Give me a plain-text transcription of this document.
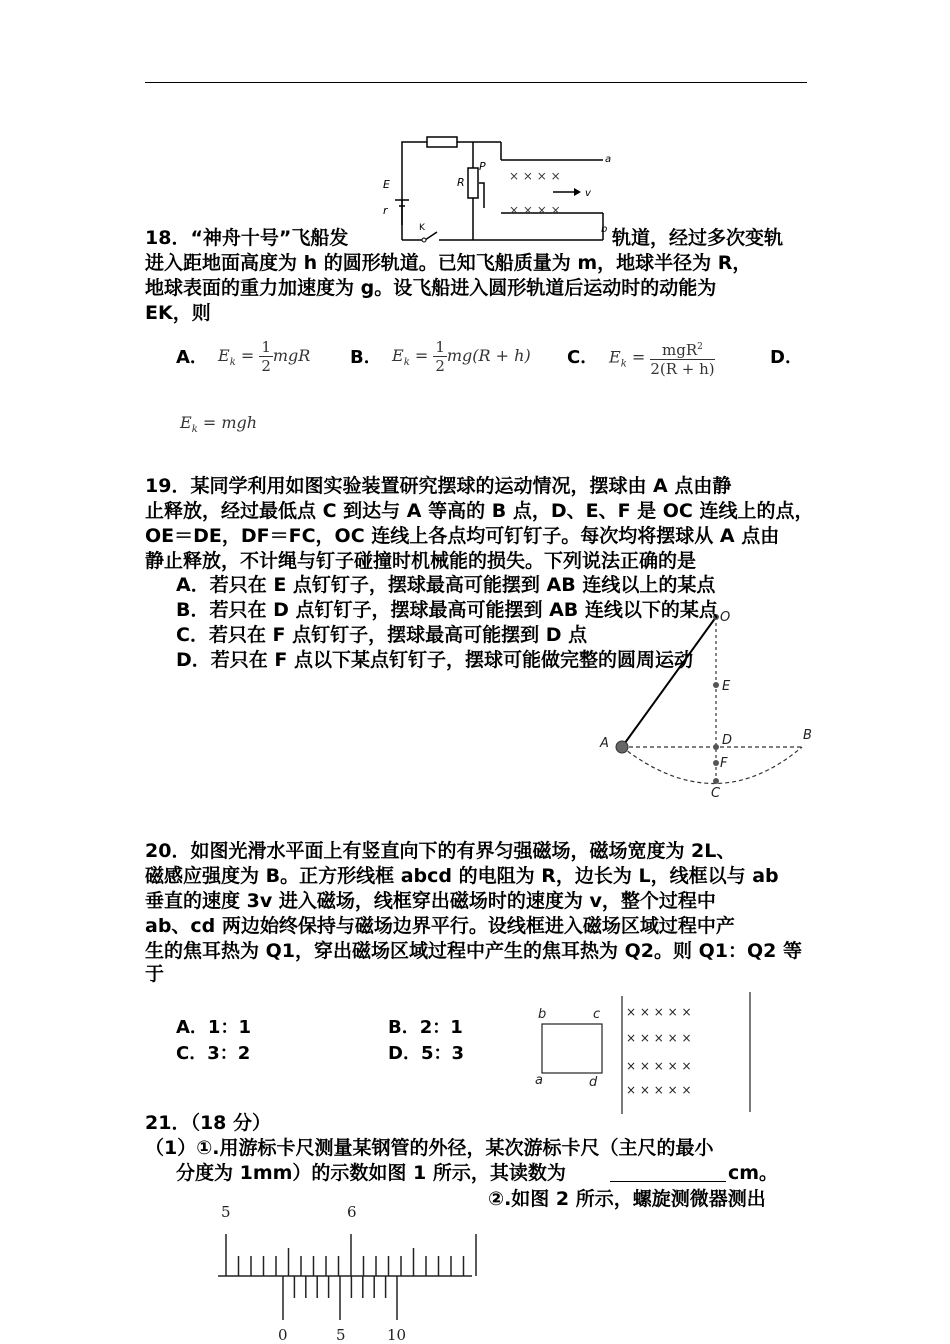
× × × ×
× × × ×
a
b
v
E
r
K
R
P
18．“神舟十号”飞船发	轨道，经过多次变轨
进入距地面高度为 h 的圆形轨道。已知飞船质量为 m，地球半径为 R，
地球表面的重力加速度为 g。设飞船进入圆形轨道后运动时的动能为
EK，则
A． $E_k = \frac{1}{2}$ mgR B． $E_k = \frac{1}{2} mg(R + h)$ C． $E_k = \frac{mgR^2}{2(R + h)}$	D．
$E_k$ = mgh
19．某同学利用如图实验装置研究摆球的运动情况，摆球由 A 点由静
止释放，经过最低点 C 到达与 A 等高的 B 点，D、E、F 是 OC 连线上的点，
OE＝DE，DF＝FC，OC 连线上各点均可钉钉子。每次均将摆球从 A 点由
静止释放，不计绳与钉子碰撞时机械能的损失。下列说法正确的是
O
E
A	D	B
F
C
A．若只在 E 点钉钉子，摆球最高可能摆到 AB 连线以上的某点
B．若只在 D 点钉钉子，摆球最高可能摆到 AB 连线以下的某点
C．若只在 F 点钉钉子，摆球最高可能摆到 D 点
D．若只在 F 点以下某点钉钉子，摆球可能做完整的圆周运动
20．如图光滑水平面上有竖直向下的有界匀强磁场，磁场宽度为 2L、
磁感应强度为 B。正方形线框 abcd 的电阻为 R，边长为 L，线框以与 ab
垂直的速度 3v 进入磁场，线框穿出磁场时的速度为 v，整个过程中
ab、cd 两边始终保持与磁场边界平行。设线框进入磁场区域过程中产
生的焦耳热为 Q1，穿出磁场区域过程中产生的焦耳热为 Q2。则 Q1：Q2 等
于
A．1：1	B．2：1
C．3：2	D．5：3
b	c
a	d
× × × × ×
× × × × ×
× × × × ×
× × × × ×
21．（18 分）
（1）①.用游标卡尺测量某钢管的外径，某次游标卡尺（主尺的最小
分度为 1mm）的示数如图 1 所示，其读数为	cm。
②.如图 2 所示，螺旋测微器测出
5	6
0	5	10
